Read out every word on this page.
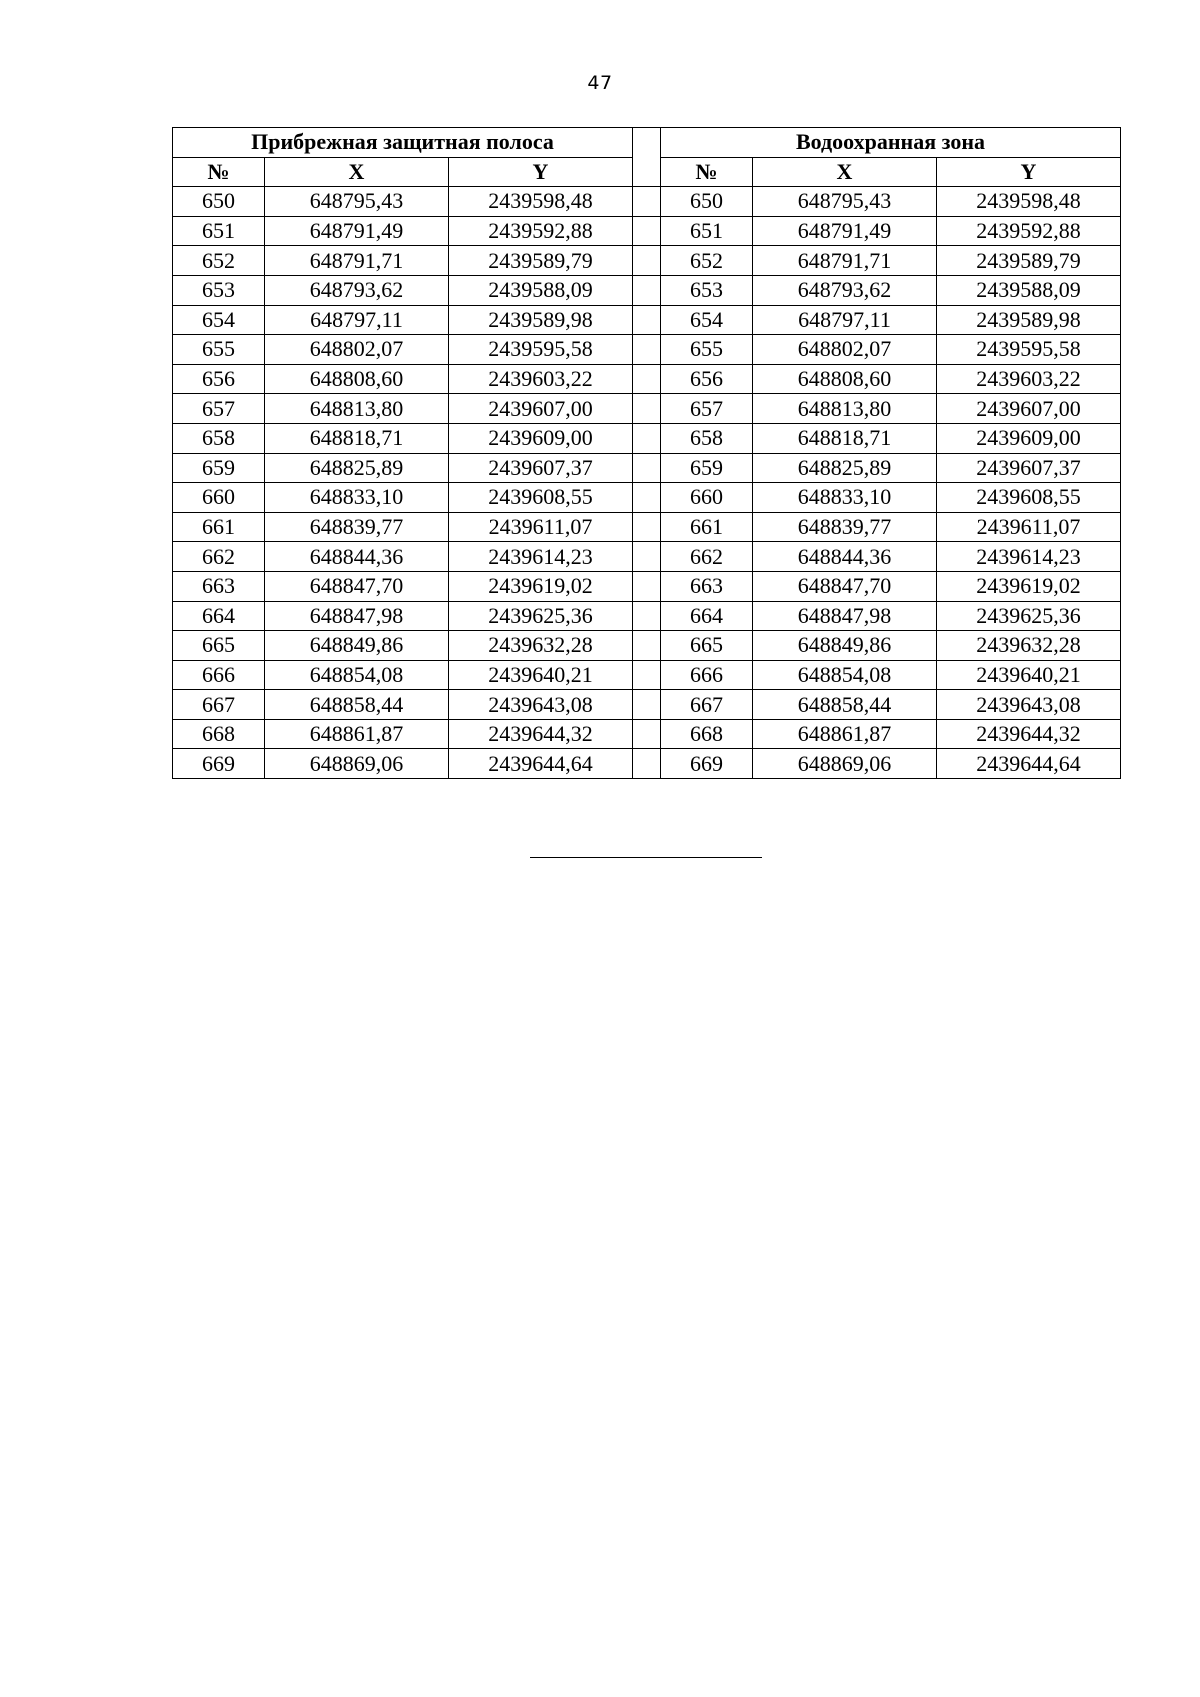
47
Прибрежная защитная полоса				Водоохранная зона		
№	X	Y		№	X	Y
650	648795,43	2439598,48		650	648795,43	2439598,48
651	648791,49	2439592,88		651	648791,49	2439592,88
652	648791,71	2439589,79		652	648791,71	2439589,79
653	648793,62	2439588,09		653	648793,62	2439588,09
654	648797,11	2439589,98		654	648797,11	2439589,98
655	648802,07	2439595,58		655	648802,07	2439595,58
656	648808,60	2439603,22		656	648808,60	2439603,22
657	648813,80	2439607,00		657	648813,80	2439607,00
658	648818,71	2439609,00		658	648818,71	2439609,00
659	648825,89	2439607,37		659	648825,89	2439607,37
660	648833,10	2439608,55		660	648833,10	2439608,55
661	648839,77	2439611,07		661	648839,77	2439611,07
662	648844,36	2439614,23		662	648844,36	2439614,23
663	648847,70	2439619,02		663	648847,70	2439619,02
664	648847,98	2439625,36		664	648847,98	2439625,36
665	648849,86	2439632,28		665	648849,86	2439632,28
666	648854,08	2439640,21		666	648854,08	2439640,21
667	648858,44	2439643,08		667	648858,44	2439643,08
668	648861,87	2439644,32		668	648861,87	2439644,32
669	648869,06	2439644,64		669	648869,06	2439644,64
